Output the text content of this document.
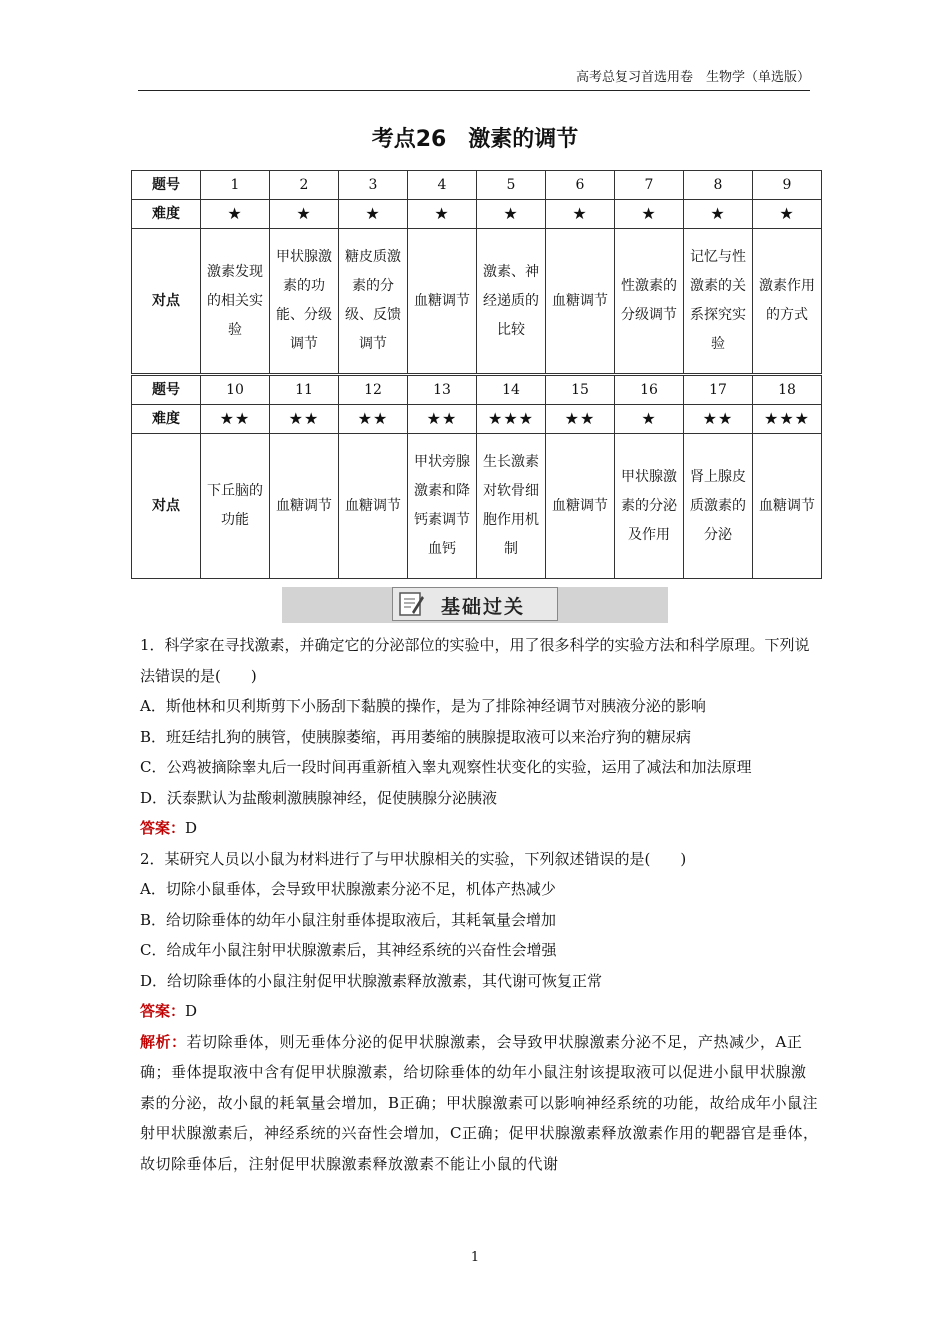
高考总复习首选用卷　生物学（单选版）
考点26　激素的调节
题号	1	2	3	4	5	6	7	8	9
难度	★	★	★	★	★	★	★	★	★
对点	激素发现的相关实验	甲状腺激素的功能、分级调节	糖皮质激素的分级、反馈调节	血糖调节	激素、神经递质的比较	血糖调节	性激素的分级调节	记忆与性激素的关系探究实验	激素作用的方式
题号	10	11	12	13	14	15	16	17	18
难度	★★	★★	★★	★★	★★★	★★	★	★★	★★★
对点	下丘脑的功能	血糖调节	血糖调节	甲状旁腺激素和降钙素调节血钙	生长激素对软骨细胞作用机制	血糖调节	甲状腺激素的分泌及作用	肾上腺皮质激素的分泌	血糖调节
基础过关

1．科学家在寻找激素，并确定它的分泌部位的实验中，用了很多科学的实验方法和科学原理。下列说法错误的是(　　)

A．斯他林和贝利斯剪下小肠刮下黏膜的操作，是为了排除神经调节对胰液分泌的影响

B．班廷结扎狗的胰管，使胰腺萎缩，再用萎缩的胰腺提取液可以来治疗狗的糖尿病

C．公鸡被摘除睾丸后一段时间再重新植入睾丸观察性状变化的实验，运用了减法和加法原理

D．沃泰默认为盐酸刺激胰腺神经，促使胰腺分泌胰液

答案：D

2．某研究人员以小鼠为材料进行了与甲状腺相关的实验，下列叙述错误的是(　　)

A．切除小鼠垂体，会导致甲状腺激素分泌不足，机体产热减少

B．给切除垂体的幼年小鼠注射垂体提取液后，其耗氧量会增加

C．给成年小鼠注射甲状腺激素后，其神经系统的兴奋性会增强

D．给切除垂体的小鼠注射促甲状腺激素释放激素，其代谢可恢复正常

答案：D

解析：若切除垂体，则无垂体分泌的促甲状腺激素，会导致甲状腺激素分泌不足，产热减少，A正确；垂体提取液中含有促甲状腺激素，给切除垂体的幼年小鼠注射该提取液可以促进小鼠甲状腺激素的分泌，故小鼠的耗氧量会增加，B正确；甲状腺激素可以影响神经系统的功能，故给成年小鼠注射甲状腺激素后，神经系统的兴奋性会增加，C正确；促甲状腺激素释放激素作用的靶器官是垂体，故切除垂体后，注射促甲状腺激素释放激素不能让小鼠的代谢

1
